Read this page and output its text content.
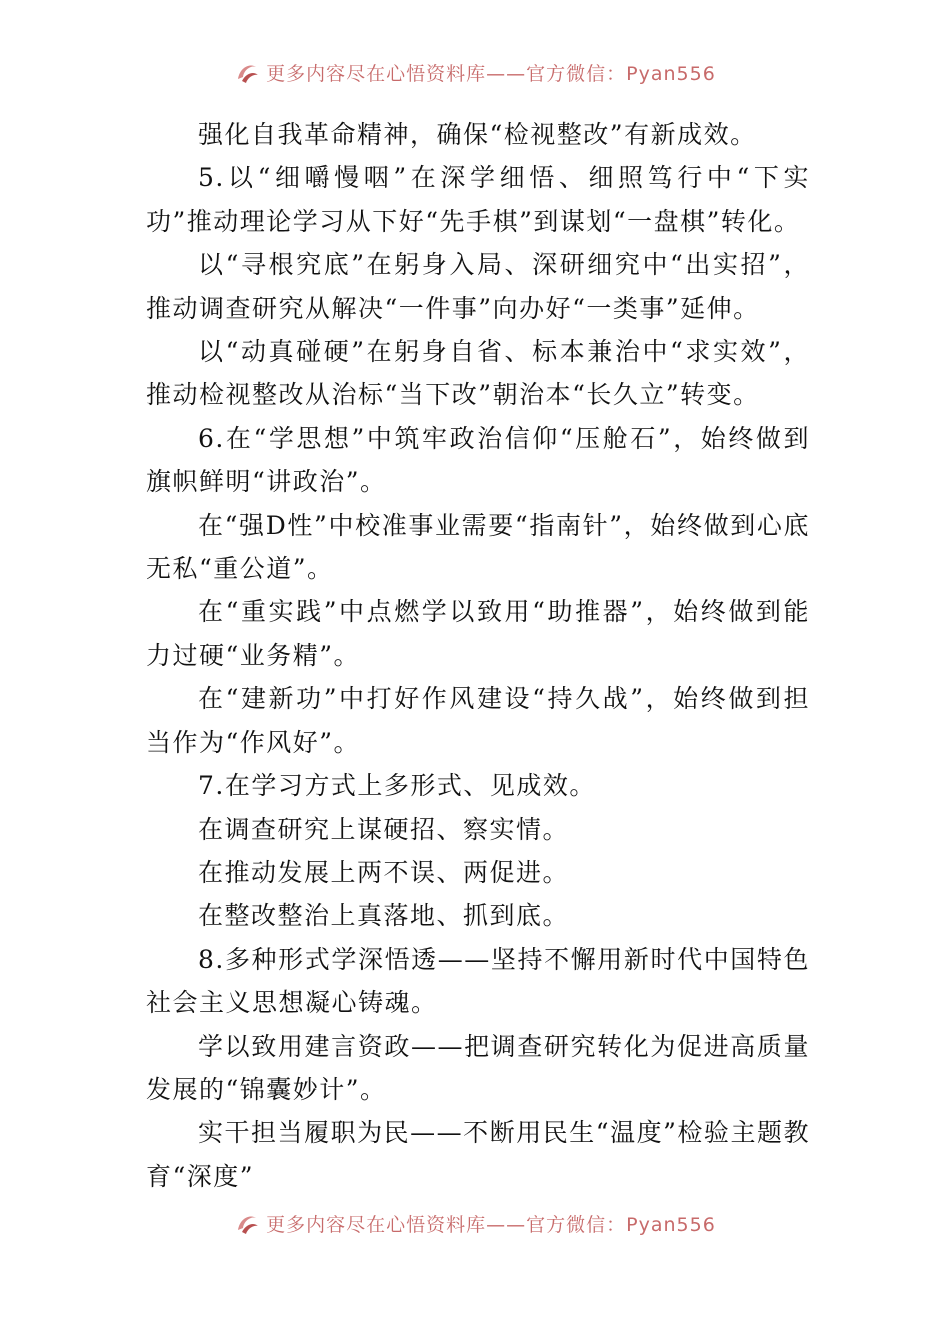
更多内容尽在心悟资料库——官方微信：Pyan556

强化自我革命精神，确保“检视整改”有新成效。

5.以“细嚼慢咽”在深学细悟、细照笃行中“下实功”推动理论学习从下好“先手棋”到谋划“一盘棋”转化。

以“寻根究底”在躬身入局、深研细究中“出实招”，推动调查研究从解决“一件事”向办好“一类事”延伸。

以“动真碰硬”在躬身自省、标本兼治中“求实效”，推动检视整改从治标“当下改”朝治本“长久立”转变。

6.在“学思想”中筑牢政治信仰“压舱石”，始终做到旗帜鲜明“讲政治”。

在“强D性”中校准事业需要“指南针”，始终做到心底无私“重公道”。

在“重实践”中点燃学以致用“助推器”，始终做到能力过硬“业务精”。

在“建新功”中打好作风建设“持久战”，始终做到担当作为“作风好”。

7.在学习方式上多形式、见成效。

在调查研究上谋硬招、察实情。

在推动发展上两不误、两促进。

在整改整治上真落地、抓到底。

8.多种形式学深悟透——坚持不懈用新时代中国特色社会主义思想凝心铸魂。

学以致用建言资政——把调查研究转化为促进高质量发展的“锦囊妙计”。

实干担当履职为民——不断用民生“温度”检验主题教育“深度”

更多内容尽在心悟资料库——官方微信：Pyan556
